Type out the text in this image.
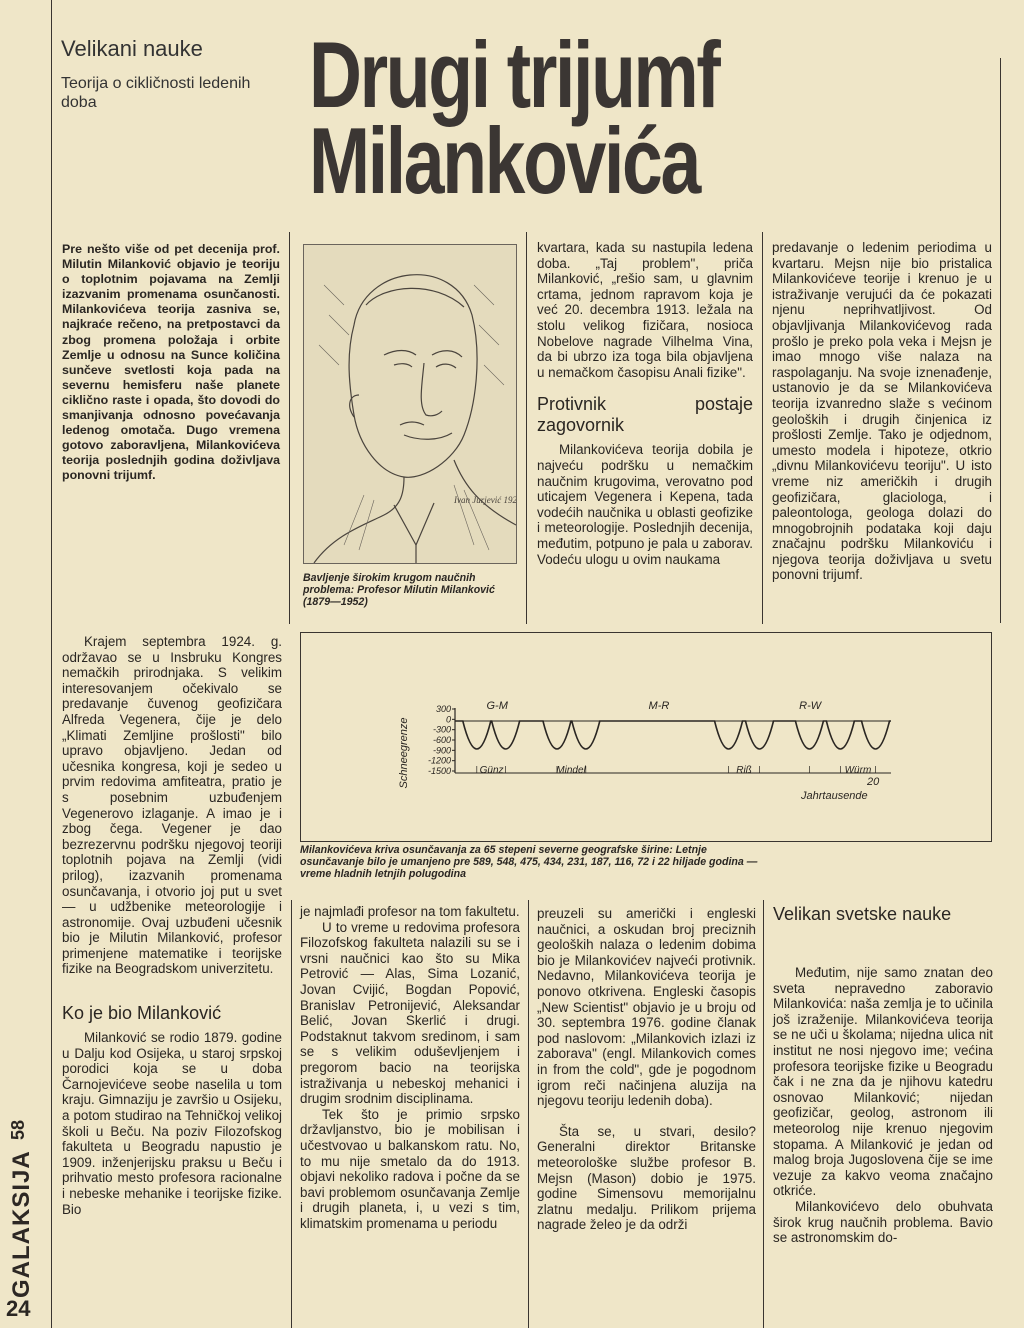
Velikani nauke
Teorija o cikličnosti ledenih doba	Drugi trijumf
Milankovića
Pre nešto više od pet decenija prof. Milutin Milanković objavio je teoriju o toplotnim pojavama na Zemlji izazvanim promenama osunčanosti. Milankovićeva teorija zasniva se, najkraće rečeno, na pretpostavci da zbog promena položaja i orbite Zemlje u odnosu na Sunce količina sunčeve svetlosti koja pada na severnu hemisferu naše planete ciklično raste i opada, što dovodi do smanjivanja odnosno povećavanja ledenog omotača. Dugo vremena gotovo zaboravljena, Milankovićeva teorija poslednjih godina doživljava ponovni trijumf.
Ivan Jurjević 1926
Bavljenje širokim krugom naučnih problema: Profesor Milutin Milanković (1879—1952)

kvartara, kada su nastupila ledena doba. „Taj problem", priča Milanković, „rešio sam, u glavnim crtama, jednom rapravom koja je već 20. decembra 1913. ležala na stolu velikog fizičara, nosioca Nobelove nagrade Vilhelma Vina, da bi ubrzo iza toga bila objavljena u nemačkom časopisu Anali fizike".

Protivnik postaje zagovornik

Milankovićeva teorija dobila je najveću podršku u nemačkim naučnim krugovima, verovatno pod uticajem Vegenera i Kepena, tada vodećih naučnika u oblasti geofizike i meteorologije. Poslednjih decenija, međutim, potpuno je pala u zaborav. Vodeću ulogu u ovim naukama

predavanje o ledenim periodima u kvartaru. Mejsn nije bio pristalica Milankovićeve teorije i krenuo je u istraživanje verujući da će pokazati njenu neprihvatljivost. Od objavljivanja Milankovićevog rada prošlo je preko pola veka i Mejsn je imao mnogo više nalaza na raspolaganju. Na svoje iznenađenje, ustanovio je da se Milankovićeva teorija izvanredno slaže s većinom geoloških i drugih činjenica iz prošlosti Zemlje. Tako je odjednom, umesto modela i hipoteze, otkrio „divnu Milankovićevu teoriju". U isto vreme niz američkih i drugih geofizičara, glaciologa, i paleontologa, geologa dolazi do mnogobrojnih podataka koji daju značajnu podršku Milankoviću i njegova teorija doživljava u svetu ponovni trijumf.

Krajem septembra 1924. g. održavao se u Insbruku Kongres nemačkih prirodnjaka. S velikim interesovanjem očekivalo se predavanje čuvenog geofizičara Alfreda Vegenera, čije je delo „Klimati Zemljine prošlosti" bilo upravo objavljeno. Jedan od učesnika kongresa, koji je sedeo u prvim redovima amfiteatra, pratio je s posebnim uzbuđenjem Vegenerovo izlaganje. A imao je i zbog čega. Vegener je dao bezrezervnu podršku njegovoj teoriji toplotnih pojava na Zemlji (vidi prilog), izazvanih promenama osunčavanja, i otvorio joj put u svet — u udžbenike meteorologije i astronomije. Ovaj uzbuđeni učesnik bio je Milutin Milanković, profesor primenjene matematike i teorijske fizike na Beogradskom univerzitetu.

Ko je bio Milanković

Milanković se rodio 1879. godine u Dalju kod Osijeka, u staroj srpskoj porodici koja se u doba Čarnojevićeve seobe naselila u tom kraju. Gimnaziju je završio u Osijeku, a potom studirao na Tehničkoj velikoj školi u Beču. Na poziv Filozofskog fakulteta u Beogradu napustio je 1909. inženjerijsku praksu u Beču i prihvatio mesto profesora racionalne i nebeske mehanike i teorijske fizike. Bio

300
0
-300
-600
-900
-1200
-1500
Schneegrenze
G-M	M-R	R-W
Günz	Mindel	Riß	Würm
20
Jahrtausende
Milankovićeva kriva osunčavanja za 65 stepeni severne geografske širine: Letnje osunčavanje bilo je umanjeno pre 589, 548, 475, 434, 231, 187, 116, 72 i 22 hiljade godina — vreme hladnih letnjih polugodina

je najmlađi profesor na tom fakultetu.

U to vreme u redovima profesora Filozofskog fakulteta nalazili su se i vrsni naučnici kao što su Mika Petrović — Alas, Sima Lozanić, Jovan Cvijić, Bogdan Popović, Branislav Petronijević, Aleksandar Belić, Jovan Skerlić i drugi. Podstaknut takvom sredinom, i sam se s velikim oduševljenjem i pregorom bacio na teorijska istraživanja u nebeskoj mehanici i drugim srodnim disciplinama.

Tek što je primio srpsko državljanstvo, bio je mobilisan i učestvovao u balkanskom ratu. No, to mu nije smetalo da do 1913. objavi nekoliko radova i počne da se bavi problemom osunčavanja Zemlje i drugih planeta, i, u vezi s tim, klimatskim promenama u periodu

preuzeli su američki i engleski naučnici, a oskudan broj preciznih geoloških nalaza o ledenim dobima bio je Milankovićev najveći protivnik. Nedavno, Milankovićeva teorija je ponovo otkrivena. Engleski časopis „New Scientist" objavio je u broju od 30. septembra 1976. godine članak pod naslovom: „Milankovich izlazi iz zaborava" (engl. Milankovich comes in from the cold", gde je pogodnom igrom reči načinjena aluzija na njegovu teoriju ledenih doba).

Šta se, u stvari, desilo? Generalni direktor Britanske meteorološke službe profesor B. Mejsn (Mason) dobio je 1975. godine Simensovu memorijalnu zlatnu medalju. Prilikom prijema nagrade želeo je da održi

Velikan svetske nauke

Međutim, nije samo znatan deo sveta nepravedno zaboravio Milankovića: naša zemlja je to učinila još izraženije. Milankovićeva teorija se ne uči u školama; nijedna ulica nit institut ne nosi njegovo ime; većina profesora teorijske fizike u Beogradu čak i ne zna da je njihovu katedru osnovao Milanković; nijedan geofizičar, geolog, astronom ili meteorolog nije krenuo njegovim stopama. A Milanković je jedan od malog broja Jugoslovena čije se ime vezuje za kakvo veoma značajno otkriće.

Milankovićevo delo obuhvata širok krug naučnih problema. Bavio se astronomskim do-

58
GALAKSIJA
24
